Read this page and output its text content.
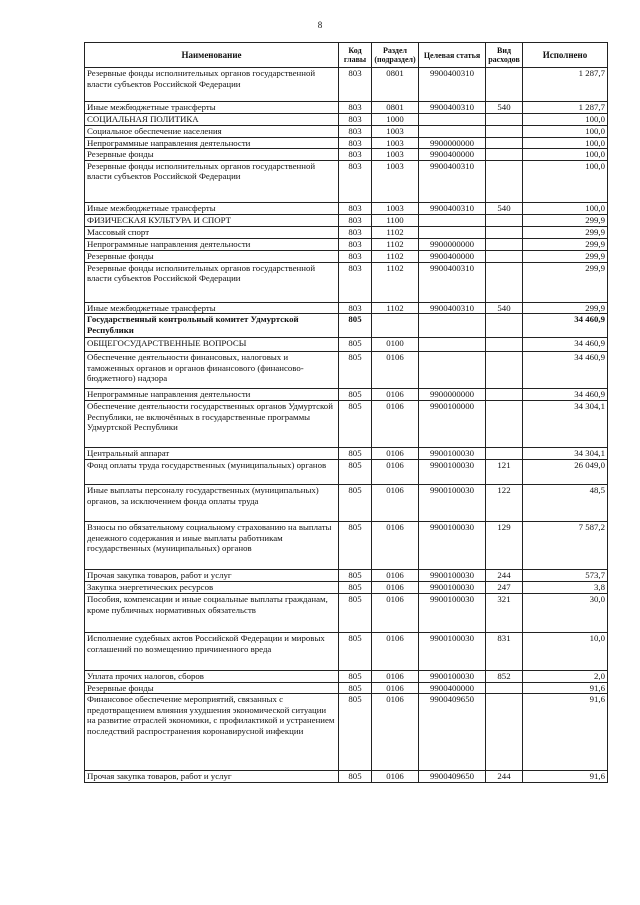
8
Наименование	Код главы	Раздел (подраздел)	Целевая статья	Вид расходов	Исполнено
Резервные фонды исполнительных органов государственной власти субъектов Российской Федерации	803	0801	9900400310		1 287,7
Иные межбюджетные трансферты	803	0801	9900400310	540	1 287,7
СОЦИАЛЬНАЯ ПОЛИТИКА	803	1000			100,0
Социальное обеспечение населения	803	1003			100,0
Непрограммные направления деятельности	803	1003	9900000000		100,0
Резервные фонды	803	1003	9900400000		100,0
Резервные фонды исполнительных органов государственной власти субъектов Российской Федерации	803	1003	9900400310		100,0
Иные межбюджетные трансферты	803	1003	9900400310	540	100,0
ФИЗИЧЕСКАЯ КУЛЬТУРА И СПОРТ	803	1100			299,9
Массовый спорт	803	1102			299,9
Непрограммные направления деятельности	803	1102	9900000000		299,9
Резервные фонды	803	1102	9900400000		299,9
Резервные фонды исполнительных органов государственной власти субъектов Российской Федерации	803	1102	9900400310		299,9
Иные межбюджетные трансферты	803	1102	9900400310	540	299,9
Государственный контрольный комитет Удмуртской Республики	805				34 460,9
ОБЩЕГОСУДАРСТВЕННЫЕ ВОПРОСЫ	805	0100			34 460,9
Обеспечение деятельности финансовых, налоговых и таможенных органов и органов финансового (финансово-бюджетного) надзора	805	0106			34 460,9
Непрограммные направления деятельности	805	0106	9900000000		34 460,9
Обеспечение деятельности государственных органов Удмуртской Республики, не включённых в государственные программы Удмуртской Республики	805	0106	9900100000		34 304,1
Центральный аппарат	805	0106	9900100030		34 304,1
Фонд оплаты труда государственных (муниципальных) органов	805	0106	9900100030	121	26 049,0
Иные выплаты персоналу государственных (муниципальных) органов, за исключением фонда оплаты труда	805	0106	9900100030	122	48,5
Взносы по обязательному социальному страхованию на выплаты денежного содержания и иные выплаты работникам государственных (муниципальных) органов	805	0106	9900100030	129	7 587,2
Прочая закупка товаров, работ и услуг	805	0106	9900100030	244	573,7
Закупка энергетических ресурсов	805	0106	9900100030	247	3,8
Пособия, компенсации и иные социальные выплаты гражданам, кроме публичных нормативных обязательств	805	0106	9900100030	321	30,0
Исполнение судебных актов Российской Федерации и мировых соглашений по возмещению причиненного вреда	805	0106	9900100030	831	10,0
Уплата прочих налогов, сборов	805	0106	9900100030	852	2,0
Резервные фонды	805	0106	9900400000		91,6
Финансовое обеспечение мероприятий, связанных с предотвращением влияния ухудшения экономической ситуации на развитие отраслей экономики, с профилактикой и устранением последствий распространения коронавирусной инфекции	805	0106	9900409650		91,6
Прочая закупка товаров, работ и услуг	805	0106	9900409650	244	91,6
